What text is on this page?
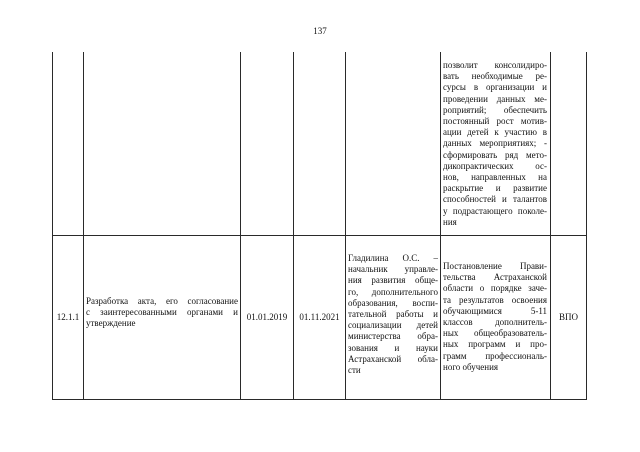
137
позволит консолидиро-
вать необходимые ре-
сурсы в организации и
проведении данных ме-
роприятий; обеспечить
постоянный рост мотив-
ации детей к участию в
данных мероприятиях; -
сформировать ряд мето-
дикопрактических ос-
нов, направленных на
раскрытие и развитие
способностей и талантов
у подрастающего поколе-
ния
12.1.1
Разработка акта, его согласование
с заинтересованными органами и
утверждение
01.01.2019	01.11.2021
Гладилина О.С. –
начальник управле-
ния развития обще-
го, дополнительного
образования, воспи-
тательной работы и
социализации детей
министерства обра-
зования и науки
Астраханской обла-
сти
Постановление Прави-
тельства Астраханской
области о порядке заче-
та результатов освоения
обучающимися 5-11
классов дополнитель-
ных общеобразователь-
ных программ и про-
грамм профессиональ-
ного обучения
ВПО
